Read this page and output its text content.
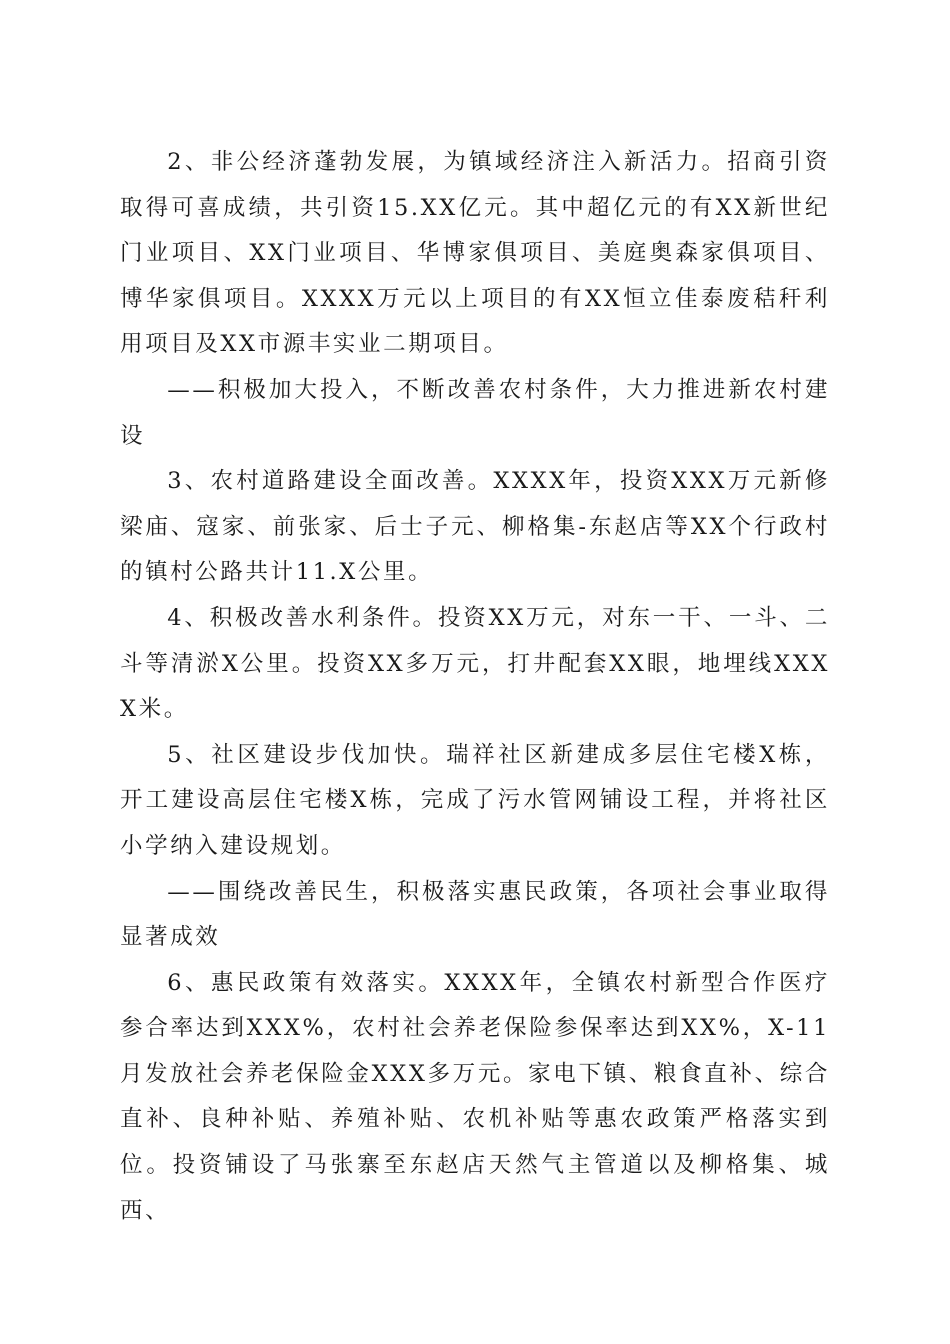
2、非公经济蓬勃发展，为镇域经济注入新活力。招商引资取得可喜成绩，共引资15.XX亿元。其中超亿元的有XX新世纪门业项目、XX门业项目、华博家俱项目、美庭奥森家俱项目、博华家俱项目。XXXX万元以上项目的有XX恒立佳泰废秸秆利用项目及XX市源丰实业二期项目。

——积极加大投入，不断改善农村条件，大力推进新农村建设

3、农村道路建设全面改善。XXXX年，投资XXX万元新修梁庙、寇家、前张家、后士子元、柳格集-东赵店等XX个行政村的镇村公路共计11.X公里。

4、积极改善水利条件。投资XX万元，对东一干、一斗、二斗等清淤X公里。投资XX多万元，打井配套XX眼，地埋线XXXX米。

5、社区建设步伐加快。瑞祥社区新建成多层住宅楼X栋，开工建设高层住宅楼X栋，完成了污水管网铺设工程，并将社区小学纳入建设规划。

——围绕改善民生，积极落实惠民政策，各项社会事业取得显著成效

6、惠民政策有效落实。XXXX年，全镇农村新型合作医疗参合率达到XXX%，农村社会养老保险参保率达到XX%，X-11月发放社会养老保险金XXX多万元。家电下镇、粮食直补、综合直补、良种补贴、养殖补贴、农机补贴等惠农政策严格落实到位。投资铺设了马张寨至东赵店天然气主管道以及柳格集、城西、
